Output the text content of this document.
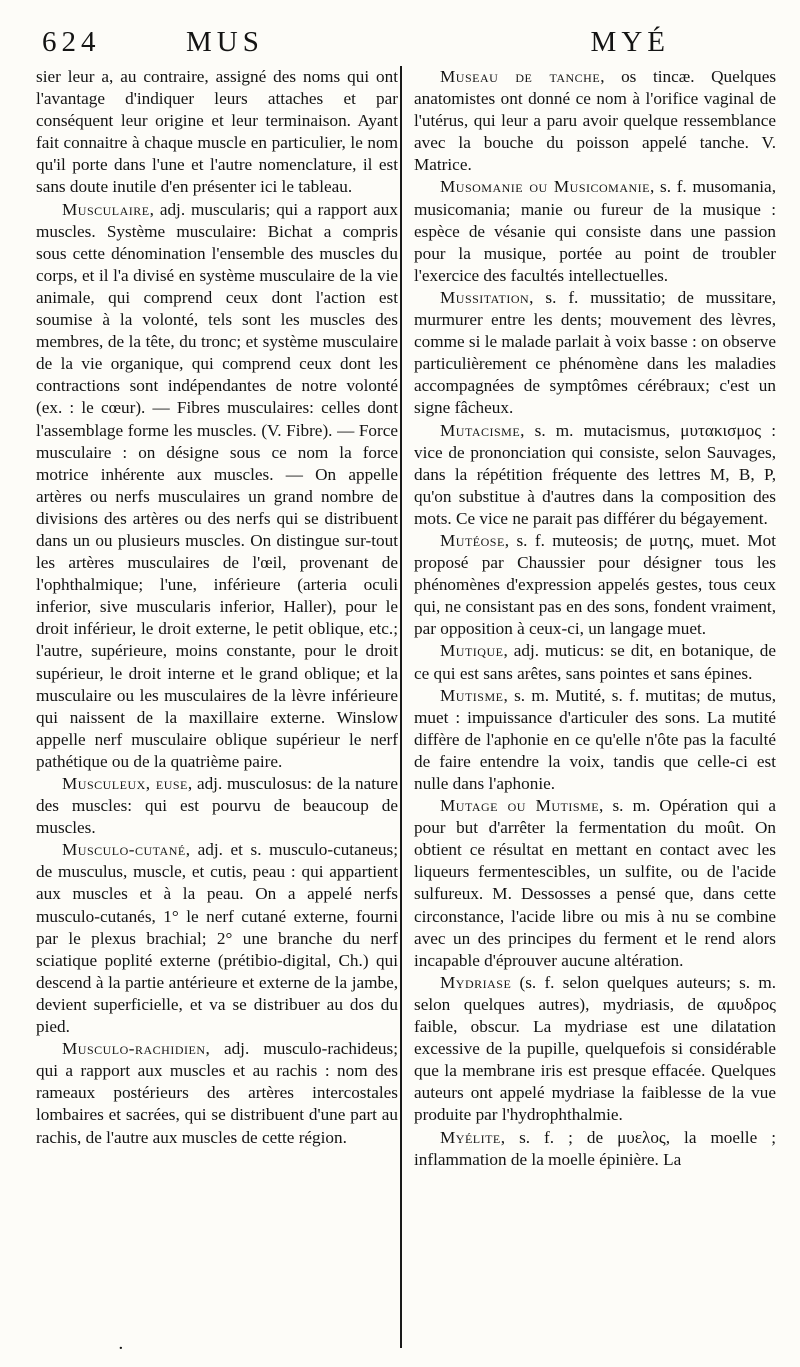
624	MUS	MYÉ

sier leur a, au contraire, assigné des noms qui ont l'avantage d'indiquer leurs attaches et par conséquent leur origine et leur terminaison. Ayant fait connaitre à chaque muscle en particulier, le nom qu'il porte dans l'une et l'autre nomenclature, il est sans doute inutile d'en présenter ici le tableau.

Musculaire, adj. muscularis; qui a rapport aux muscles. Système musculaire: Bichat a compris sous cette dénomination l'ensemble des muscles du corps, et il l'a divisé en système musculaire de la vie animale, qui comprend ceux dont l'action est soumise à la volonté, tels sont les muscles des membres, de la tête, du tronc; et système musculaire de la vie organique, qui comprend ceux dont les contractions sont indépendantes de notre volonté (ex. : le cœur). — Fibres musculaires: celles dont l'assemblage forme les muscles. (V. Fibre). — Force musculaire : on désigne sous ce nom la force motrice inhérente aux muscles. — On appelle artères ou nerfs musculaires un grand nombre de divisions des artères ou des nerfs qui se distribuent dans un ou plusieurs muscles. On distingue sur-tout les artères musculaires de l'œil, provenant de l'ophthalmique; l'une, inférieure (arteria oculi inferior, sive muscularis inferior, Haller), pour le droit inférieur, le droit externe, le petit oblique, etc.; l'autre, supérieure, moins constante, pour le droit supérieur, le droit interne et le grand oblique; et la musculaire ou les musculaires de la lèvre inférieure qui naissent de la maxillaire externe. Winslow appelle nerf musculaire oblique supérieur le nerf pathétique ou de la quatrième paire.

Musculeux, euse, adj. musculosus: de la nature des muscles: qui est pourvu de beaucoup de muscles.

Musculo-cutané, adj. et s. musculo-cutaneus; de musculus, muscle, et cutis, peau : qui appartient aux muscles et à la peau. On a appelé nerfs musculo-cutanés, 1° le nerf cutané externe, fourni par le plexus brachial; 2° une branche du nerf sciatique poplité externe (prétibio-digital, Ch.) qui descend à la partie antérieure et externe de la jambe, devient superficielle, et va se distribuer au dos du pied.

Musculo-rachidien, adj. musculo-rachideus; qui a rapport aux muscles et au rachis : nom des rameaux postérieurs des artères intercostales lombaires et sacrées, qui se distribuent d'une part au rachis, de l'autre aux muscles de cette région.

Museau de tanche, os tincæ. Quelques anatomistes ont donné ce nom à l'orifice vaginal de l'utérus, qui leur a paru avoir quelque ressemblance avec la bouche du poisson appelé tanche. V. Matrice.

Musomanie ou Musicomanie, s. f. musomania, musicomania; manie ou fureur de la musique : espèce de vésanie qui consiste dans une passion pour la musique, portée au point de troubler l'exercice des facultés intellectuelles.

Mussitation, s. f. mussitatio; de mussitare, murmurer entre les dents; mouvement des lèvres, comme si le malade parlait à voix basse : on observe particulièrement ce phénomène dans les maladies accompagnées de symptômes cérébraux; c'est un signe fâcheux.

Mutacisme, s. m. mutacismus, μυτακισμος : vice de prononciation qui consiste, selon Sauvages, dans la répétition fréquente des lettres M, B, P, qu'on substitue à d'autres dans la composition des mots. Ce vice ne parait pas différer du bégayement.

Mutéose, s. f. muteosis; de μυτης, muet. Mot proposé par Chaussier pour désigner tous les phénomènes d'expression appelés gestes, tous ceux qui, ne consistant pas en des sons, fondent vraiment, par opposition à ceux-ci, un langage muet.

Mutique, adj. muticus: se dit, en botanique, de ce qui est sans arêtes, sans pointes et sans épines.

Mutisme, s. m. Mutité, s. f. mutitas; de mutus, muet : impuissance d'articuler des sons. La mutité diffère de l'aphonie en ce qu'elle n'ôte pas la faculté de faire entendre la voix, tandis que celle-ci est nulle dans l'aphonie.

Mutage ou Mutisme, s. m. Opération qui a pour but d'arrêter la fermentation du moût. On obtient ce résultat en mettant en contact avec les liqueurs fermentescibles, un sulfite, ou de l'acide sulfureux. M. Dessosses a pensé que, dans cette circonstance, l'acide libre ou mis à nu se combine avec un des principes du ferment et le rend alors incapable d'éprouver aucune altération.

Mydriase (s. f. selon quelques auteurs; s. m. selon quelques autres), mydriasis, de αμυδρος faible, obscur. La mydriase est une dilatation excessive de la pupille, quelquefois si considérable que la membrane iris est presque effacée. Quelques auteurs ont appelé mydriase la faiblesse de la vue produite par l'hydrophthalmie.

Myélite, s. f. ; de μυελος, la moelle ; inflammation de la moelle épinière. La

·
